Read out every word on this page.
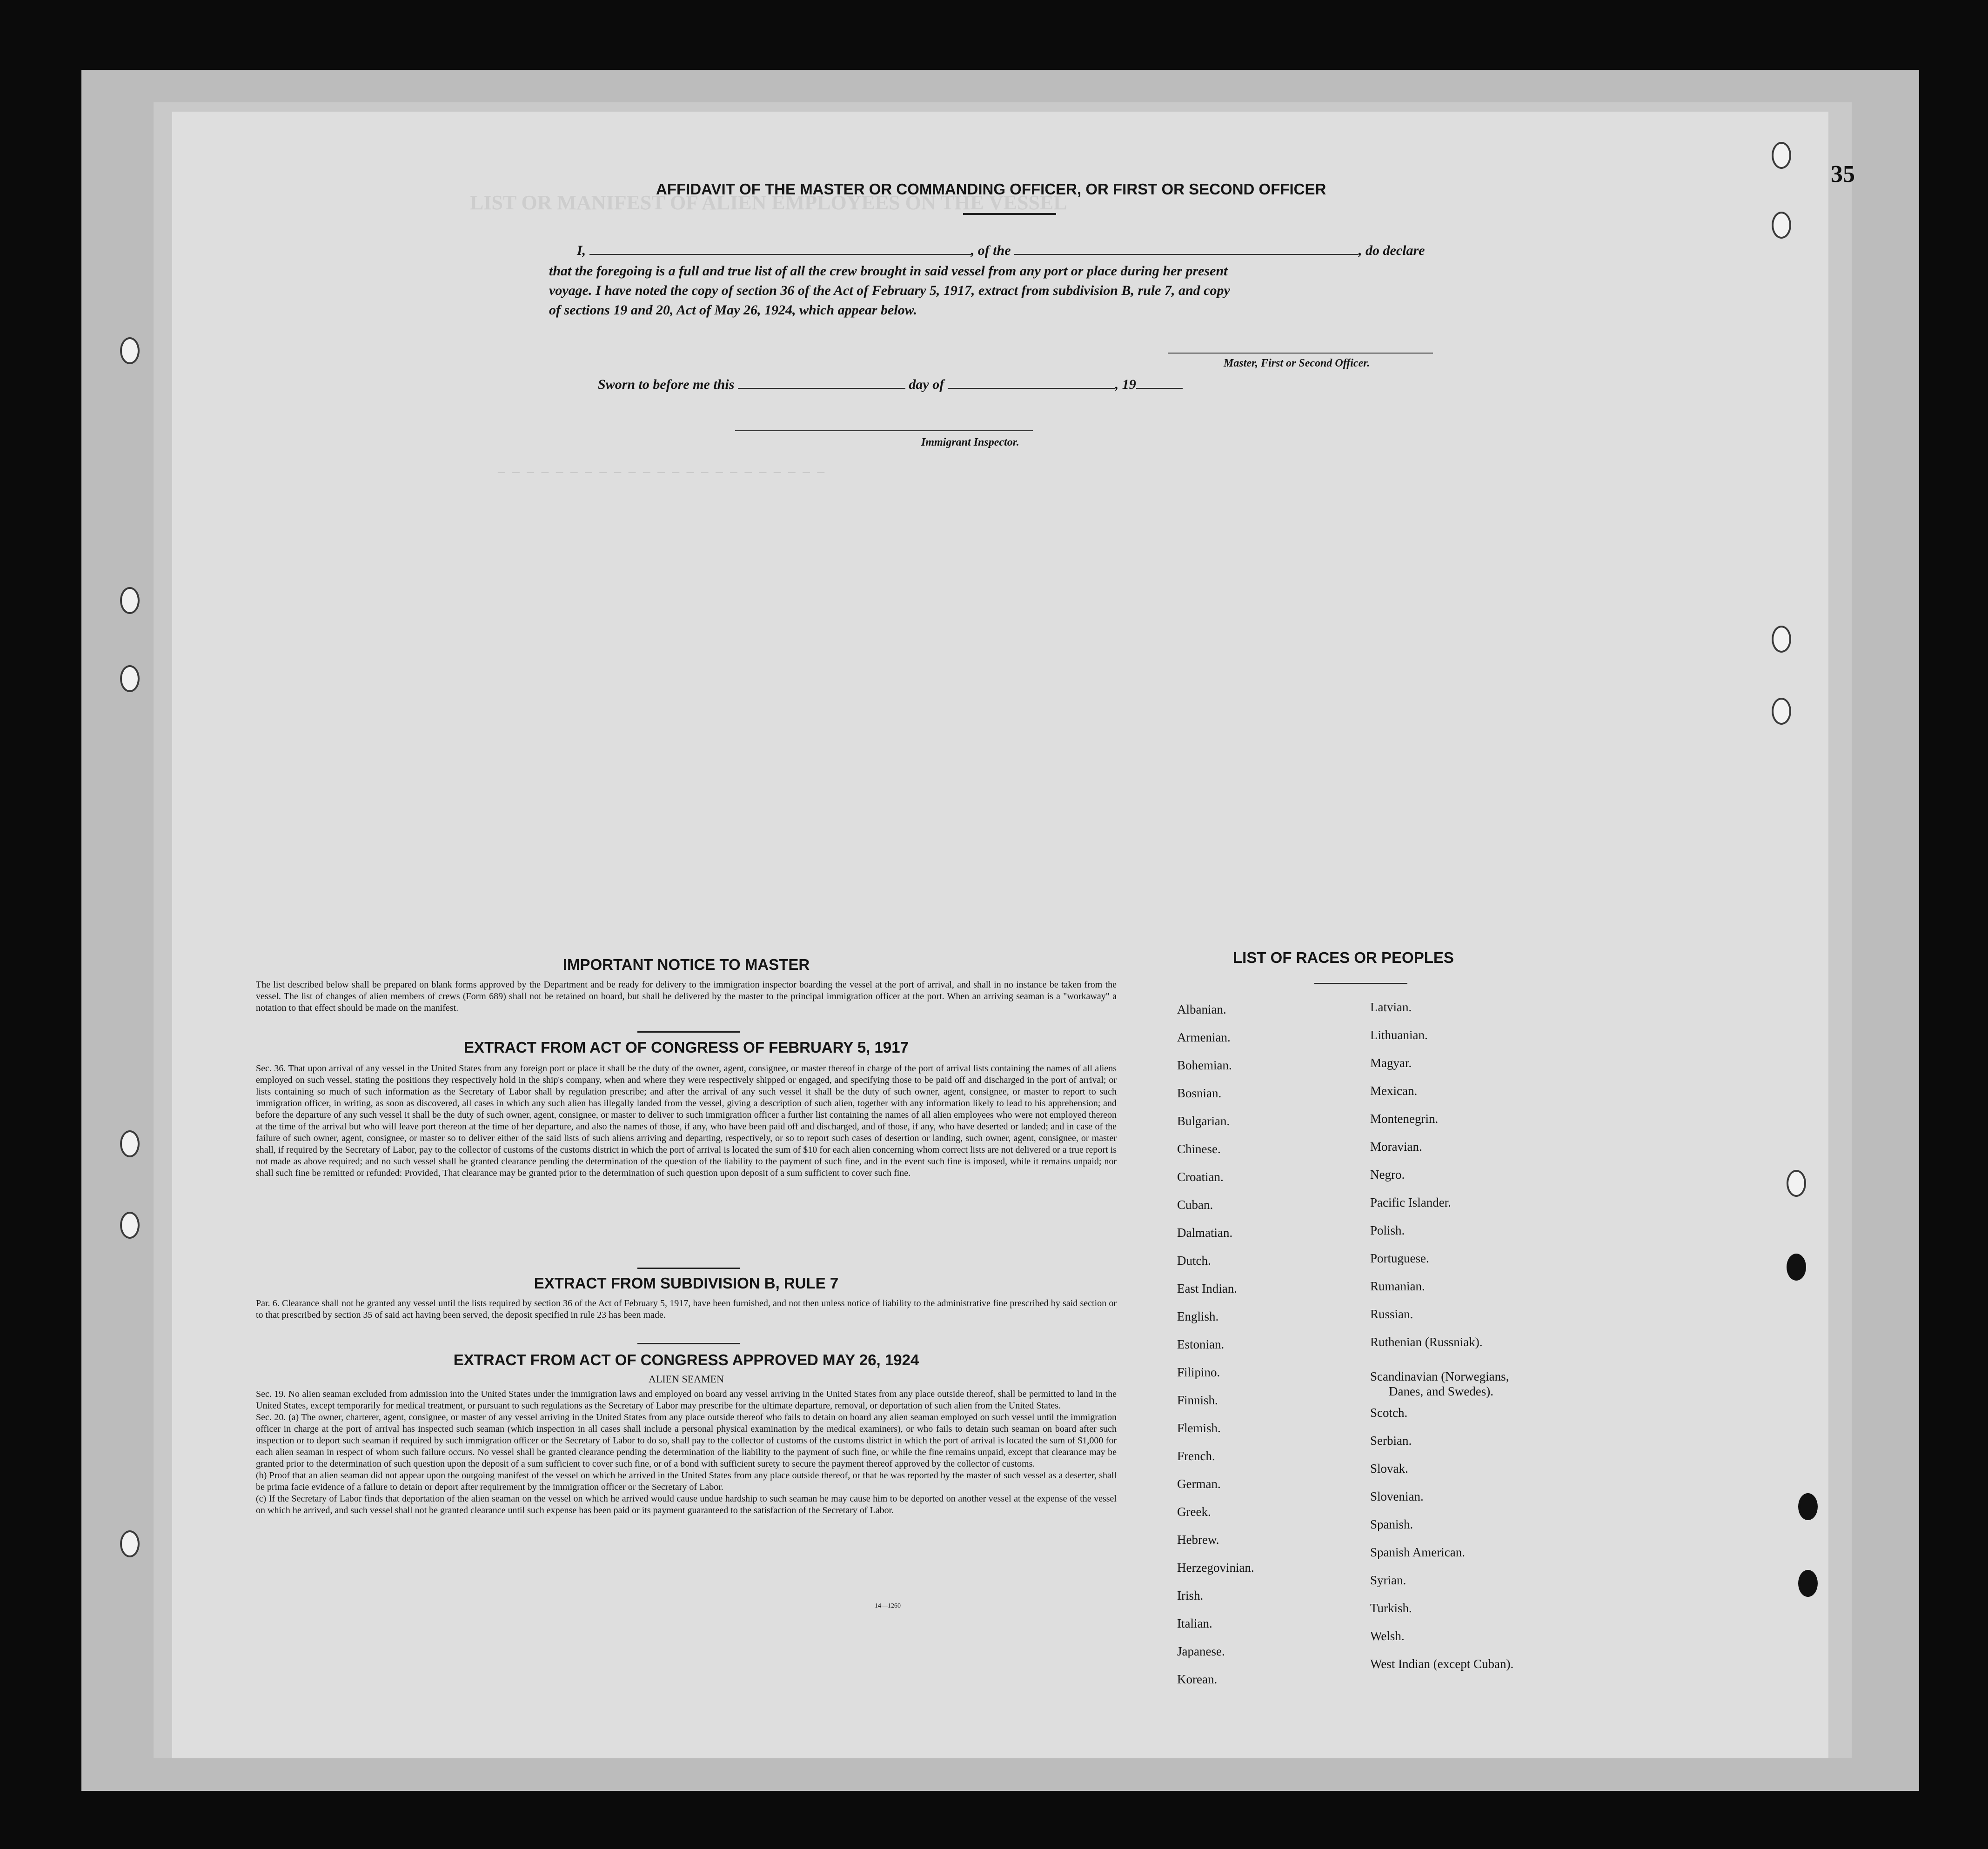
LIST OR MANIFEST OF ALIEN EMPLOYEES ON THE VESSEL
— — — — — — — — — — — — — — — — — — — — — — —
AFFIDAVIT OF THE MASTER OR COMMANDING OFFICER, OR FIRST OR SECOND OFFICER
I,	, of the	, do declare
that the foregoing is a full and true list of all the crew brought in said vessel from any port or place during her present
voyage. I have noted the copy of section 36 of the Act of February 5, 1917, extract from subdivision B, rule 7, and copy
of sections 19 and 20, Act of May 26, 1924, which appear below.
Master, First or Second Officer.
Sworn to before me this	day of	, 19
Immigrant Inspector.
IMPORTANT NOTICE TO MASTER
The list described below shall be prepared on blank forms approved by the Department and be ready for delivery to the immigration inspector boarding the vessel at the port of arrival, and shall in no instance be taken from the vessel. The list of changes of alien members of crews (Form 689) shall not be retained on board, but shall be delivered by the master to the principal immigration officer at the port. When an arriving seaman is a "workaway" a notation to that effect should be made on the manifest.
EXTRACT FROM ACT OF CONGRESS OF FEBRUARY 5, 1917
Sec. 36. That upon arrival of any vessel in the United States from any foreign port or place it shall be the duty of the owner, agent, consignee, or master thereof in charge of the port of arrival lists containing the names of all aliens employed on such vessel, stating the positions they respectively hold in the ship's company, when and where they were respectively shipped or engaged, and specifying those to be paid off and discharged in the port of arrival; or lists containing so much of such information as the Secretary of Labor shall by regulation prescribe; and after the arrival of any such vessel it shall be the duty of such owner, agent, consignee, or master to report to such immigration officer, in writing, as soon as discovered, all cases in which any such alien has illegally landed from the vessel, giving a description of such alien, together with any information likely to lead to his apprehension; and before the departure of any such vessel it shall be the duty of such owner, agent, consignee, or master to deliver to such immigration officer a further list containing the names of all alien employees who were not employed thereon at the time of the arrival but who will leave port thereon at the time of her departure, and also the names of those, if any, who have been paid off and discharged, and of those, if any, who have deserted or landed; and in case of the failure of such owner, agent, consignee, or master so to deliver either of the said lists of such aliens arriving and departing, respectively, or so to report such cases of desertion or landing, such owner, agent, consignee, or master shall, if required by the Secretary of Labor, pay to the collector of customs of the customs district in which the port of arrival is located the sum of $10 for each alien concerning whom correct lists are not delivered or a true report is not made as above required; and no such vessel shall be granted clearance pending the determination of the question of the liability to the payment of such fine, and in the event such fine is imposed, while it remains unpaid; nor shall such fine be remitted or refunded: Provided, That clearance may be granted prior to the determination of such question upon deposit of a sum sufficient to cover such fine.
EXTRACT FROM SUBDIVISION B, RULE 7
Par. 6. Clearance shall not be granted any vessel until the lists required by section 36 of the Act of February 5, 1917, have been furnished, and not then unless notice of liability to the administrative fine prescribed by said section or to that prescribed by section 35 of said act having been served, the deposit specified in rule 23 has been made.
EXTRACT FROM ACT OF CONGRESS APPROVED MAY 26, 1924
ALIEN SEAMEN

Sec. 19. No alien seaman excluded from admission into the United States under the immigration laws and employed on board any vessel arriving in the United States from any place outside thereof, shall be permitted to land in the United States, except temporarily for medical treatment, or pursuant to such regulations as the Secretary of Labor may prescribe for the ultimate departure, removal, or deportation of such alien from the United States.

Sec. 20. (a) The owner, charterer, agent, consignee, or master of any vessel arriving in the United States from any place outside thereof who fails to detain on board any alien seaman employed on such vessel until the immigration officer in charge at the port of arrival has inspected such seaman (which inspection in all cases shall include a personal physical examination by the medical examiners), or who fails to detain such seaman on board after such inspection or to deport such seaman if required by such immigration officer or the Secretary of Labor to do so, shall pay to the collector of customs of the customs district in which the port of arrival is located the sum of $1,000 for each alien seaman in respect of whom such failure occurs. No vessel shall be granted clearance pending the determination of the liability to the payment of such fine, or while the fine remains unpaid, except that clearance may be granted prior to the determination of such question upon the deposit of a sum sufficient to cover such fine, or of a bond with sufficient surety to secure the payment thereof approved by the collector of customs.

(b) Proof that an alien seaman did not appear upon the outgoing manifest of the vessel on which he arrived in the United States from any place outside thereof, or that he was reported by the master of such vessel as a deserter, shall be prima facie evidence of a failure to detain or deport after requirement by the immigration officer or the Secretary of Labor.

(c) If the Secretary of Labor finds that deportation of the alien seaman on the vessel on which he arrived would cause undue hardship to such seaman he may cause him to be deported on another vessel at the expense of the vessel on which he arrived, and such vessel shall not be granted clearance until such expense has been paid or its payment guaranteed to the satisfaction of the Secretary of Labor.

14—1260
LIST OF RACES OR PEOPLES
Albanian.
Armenian.
Bohemian.
Bosnian.
Bulgarian.
Chinese.
Croatian.
Cuban.
Dalmatian.
Dutch.
East Indian.
English.
Estonian.
Filipino.
Finnish.
Flemish.
French.
German.
Greek.
Hebrew.
Herzegovinian.
Irish.
Italian.
Japanese.
Korean.
Latvian.
Lithuanian.
Magyar.
Mexican.
Montenegrin.
Moravian.
Negro.
Pacific Islander.
Polish.
Portuguese.
Rumanian.
Russian.
Ruthenian (Russniak).
Scandinavian (Norwegians,
Danes, and Swedes).
Scotch.
Serbian.
Slovak.
Slovenian.
Spanish.
Spanish American.
Syrian.
Turkish.
Welsh.
West Indian (except Cuban).
35
